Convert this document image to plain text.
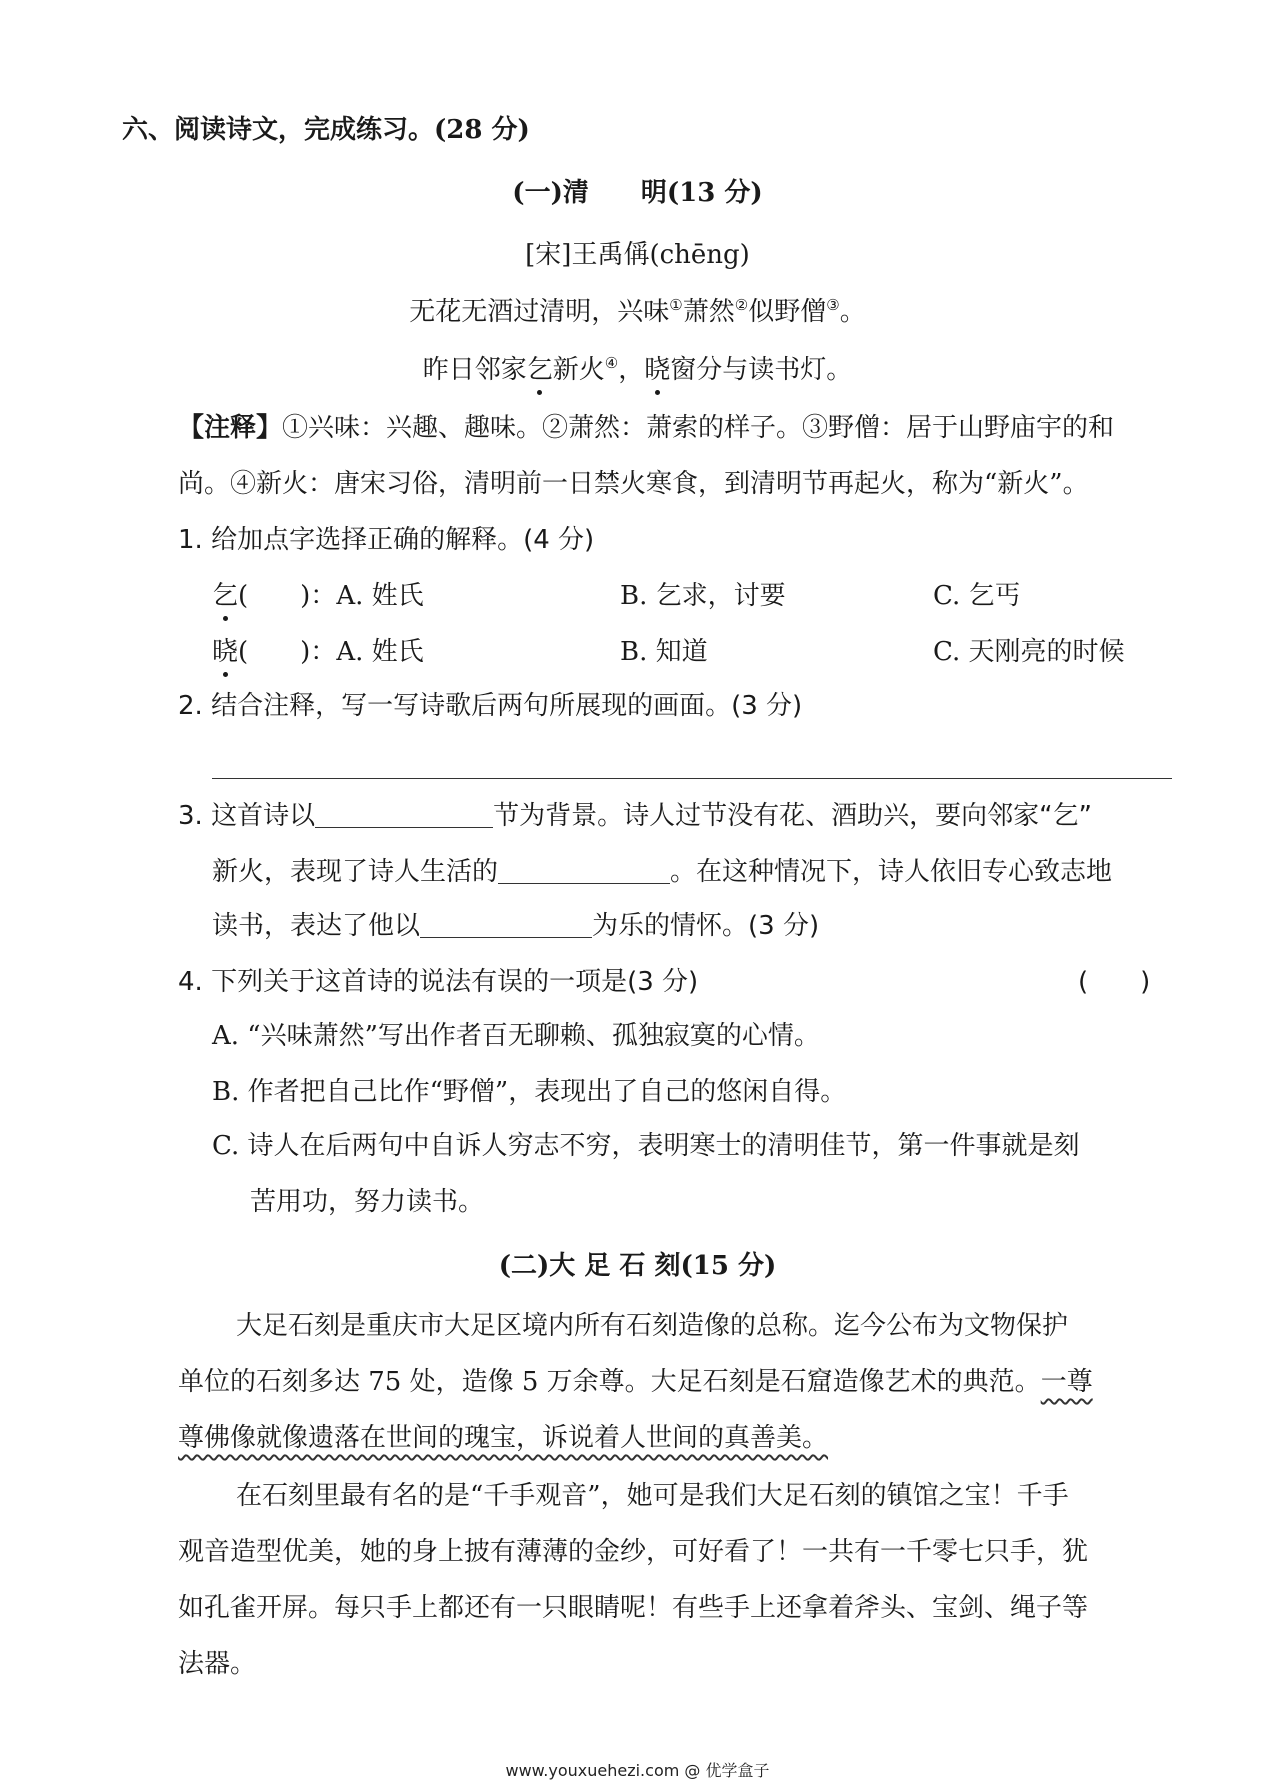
六、阅读诗文，完成练习。(28 分)
(一)清　　明(13 分)
[宋]王禹偁(chēng)
无花无酒过清明，兴味①萧然②似野僧③。
昨日邻家乞新火④，晓窗分与读书灯。
【注释】①兴味：兴趣、趣味。②萧然：萧索的样子。③野僧：居于山野庙宇的和
尚。④新火：唐宋习俗，清明前一日禁火寒食，到清明节再起火，称为“新火”。
1. 给加点字选择正确的解释。(4 分)
乞(　　)：A. 姓氏	B. 乞求，讨要	C. 乞丐
晓(　　)：A. 姓氏	B. 知道	C. 天刚亮的时候
2. 结合注释，写一写诗歌后两句所展现的画面。(3 分)
3. 这首诗以	节为背景。诗人过节没有花、酒助兴，要向邻家“乞”
新火，表现了诗人生活的	。在这种情况下，诗人依旧专心致志地
读书，表达了他以	为乐的情怀。(3 分)
4. 下列关于这首诗的说法有误的一项是(3 分)	(　　)
A. “兴味萧然”写出作者百无聊赖、孤独寂寞的心情。
B. 作者把自己比作“野僧”，表现出了自己的悠闲自得。
C. 诗人在后两句中自诉人穷志不穷，表明寒士的清明佳节，第一件事就是刻
苦用功，努力读书。
(二)大 足 石 刻(15 分)
大足石刻是重庆市大足区境内所有石刻造像的总称。迄今公布为文物保护
单位的石刻多达 75 处，造像 5 万余尊。大足石刻是石窟造像艺术的典范。一尊
尊佛像就像遗落在世间的瑰宝，诉说着人世间的真善美。
在石刻里最有名的是“千手观音”，她可是我们大足石刻的镇馆之宝！千手
观音造型优美，她的身上披有薄薄的金纱，可好看了！一共有一千零七只手，犹
如孔雀开屏。每只手上都还有一只眼睛呢！有些手上还拿着斧头、宝剑、绳子等
法器。
www.youxuehezi.com @ 优学盒子
